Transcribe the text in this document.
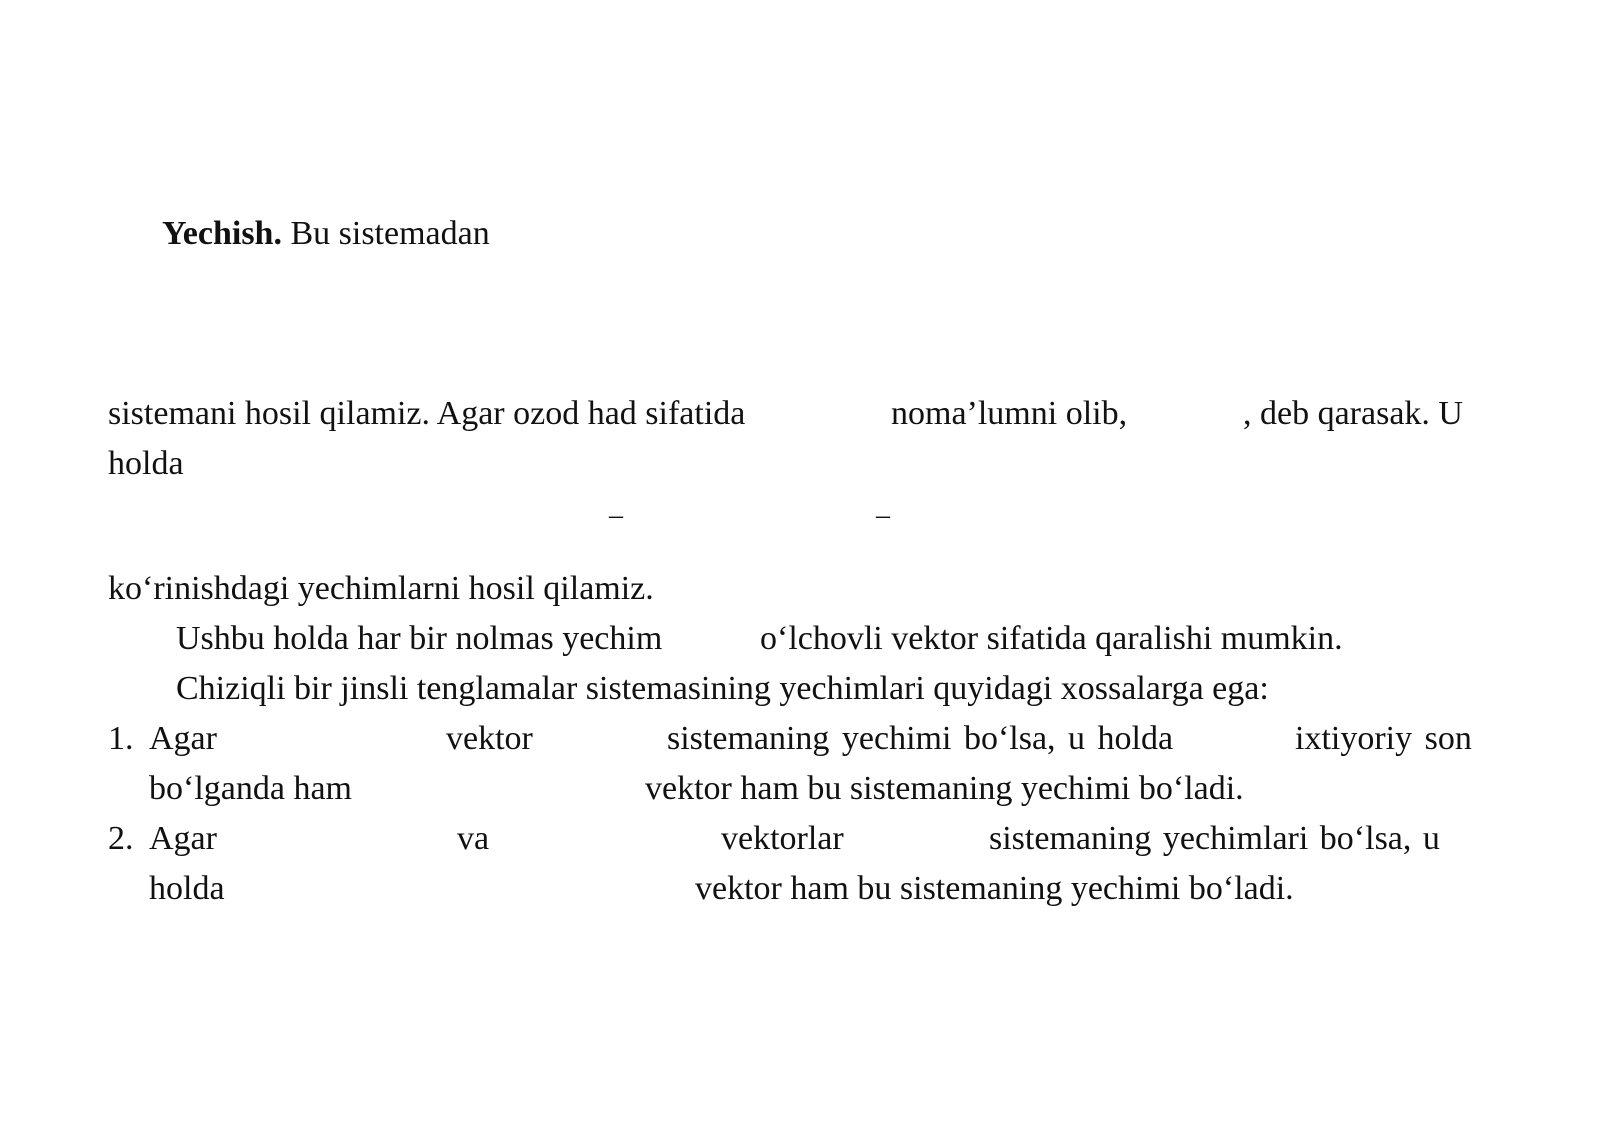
Yechish. Bu sistemadan
sistemani hosil qilamiz. Agar ozod had sifatida	noma’lumni olib,	, deb qarasak. U
holda
–	–
ko‘rinishdagi yechimlarni hosil qilamiz.
Ushbu holda har bir nolmas yechim	o‘lchovli vektor sifatida qaralishi mumkin.
Chiziqli bir jinsli tenglamalar sistemasining yechimlari quyidagi xossalarga ega:
1. Agar	vektor	sistemaning yechimi bo‘lsa, u holda	ixtiyoriy son
bo‘lganda ham	vektor ham bu sistemaning yechimi bo‘ladi.
2. Agar	va	vektorlar	sistemaning yechimlari bo‘lsa, u
holda	vektor ham bu sistemaning yechimi bo‘ladi.
